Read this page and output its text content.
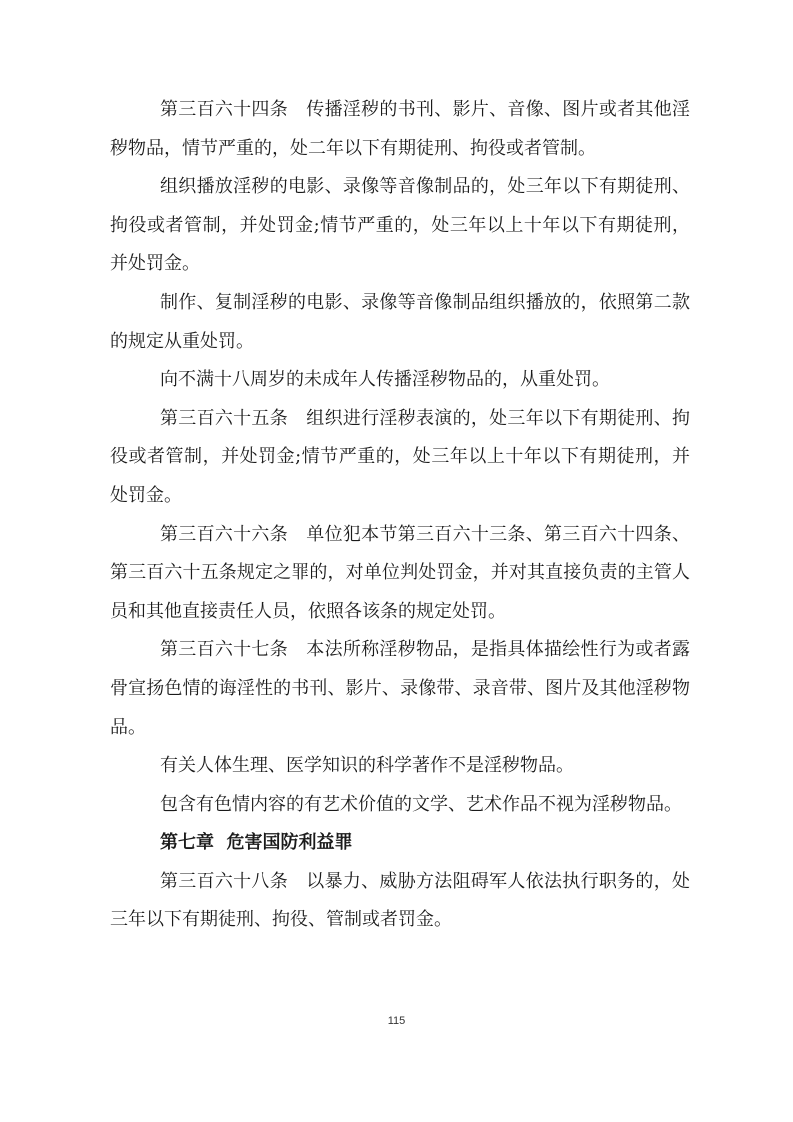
第三百六十四条　传播淫秽的书刊、影片、音像、图片或者其他淫秽物品，情节严重的，处二年以下有期徒刑、拘役或者管制。

组织播放淫秽的电影、录像等音像制品的，处三年以下有期徒刑、拘役或者管制，并处罚金;情节严重的，处三年以上十年以下有期徒刑，并处罚金。

制作、复制淫秽的电影、录像等音像制品组织播放的，依照第二款的规定从重处罚。

向不满十八周岁的未成年人传播淫秽物品的，从重处罚。

第三百六十五条　组织进行淫秽表演的，处三年以下有期徒刑、拘役或者管制，并处罚金;情节严重的，处三年以上十年以下有期徒刑，并处罚金。

第三百六十六条　单位犯本节第三百六十三条、第三百六十四条、第三百六十五条规定之罪的，对单位判处罚金，并对其直接负责的主管人员和其他直接责任人员，依照各该条的规定处罚。

第三百六十七条　本法所称淫秽物品，是指具体描绘性行为或者露骨宣扬色情的诲淫性的书刊、影片、录像带、录音带、图片及其他淫秽物品。

有关人体生理、医学知识的科学著作不是淫秽物品。

包含有色情内容的有艺术价值的文学、艺术作品不视为淫秽物品。

第七章  危害国防利益罪

第三百六十八条　以暴力、威胁方法阻碍军人依法执行职务的，处三年以下有期徒刑、拘役、管制或者罚金。

115
